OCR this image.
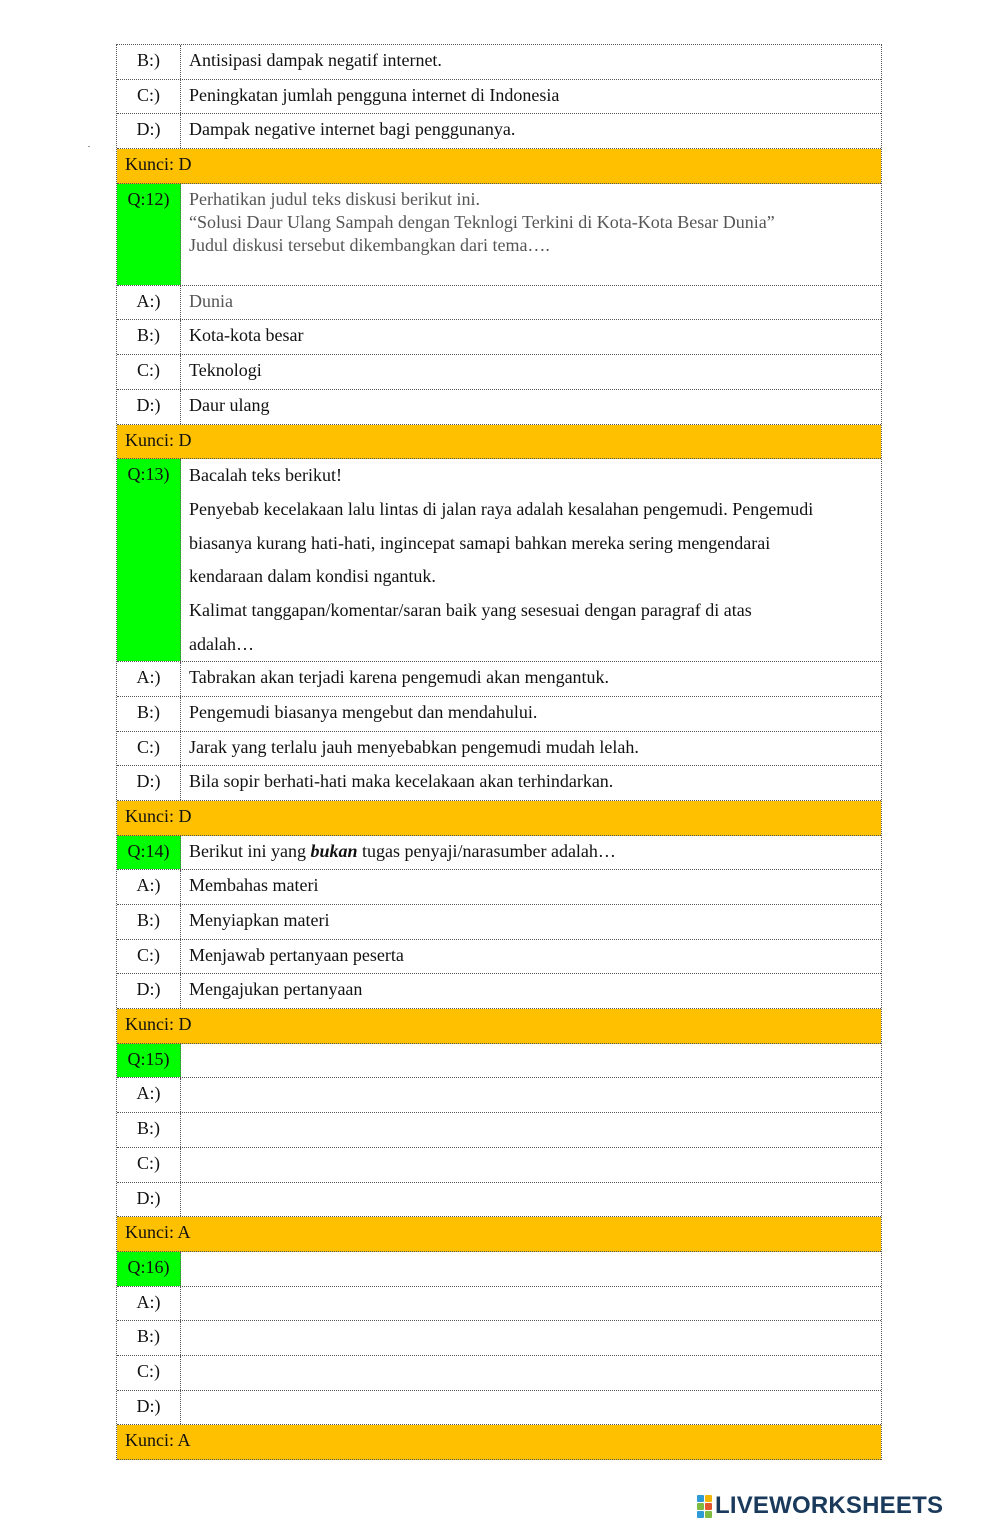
B:)	Antisipasi dampak negatif internet.
C:)	Peningkatan jumlah pengguna internet di Indonesia
D:)	Dampak negative internet bagi penggunanya.
Kunci: D
Q:12)	Perhatikan judul teks diskusi berikut ini.
“Solusi Daur Ulang Sampah dengan Teknlogi Terkini di Kota-Kota Besar Dunia”
Judul diskusi tersebut dikembangkan dari tema….
A:)	Dunia
B:)	Kota-kota besar
C:)	Teknologi
D:)	Daur ulang
Kunci: D
Q:13)	Bacalah teks berikut!
Penyebab kecelakaan lalu lintas di jalan raya adalah kesalahan pengemudi. Pengemudi
biasanya kurang hati-hati, ingincepat samapi bahkan mereka sering mengendarai
kendaraan dalam kondisi ngantuk.
Kalimat tanggapan/komentar/saran baik yang sesesuai dengan paragraf di atas
adalah…
A:)	Tabrakan akan terjadi karena pengemudi akan mengantuk.
B:)	Pengemudi biasanya mengebut dan mendahului.
C:)	Jarak yang terlalu jauh menyebabkan pengemudi mudah lelah.
D:)	Bila sopir berhati-hati maka kecelakaan akan terhindarkan.
Kunci: D
Q:14)	Berikut ini yang bukan tugas penyaji/narasumber adalah…
A:)	Membahas materi
B:)	Menyiapkan materi
C:)	Menjawab pertanyaan peserta
D:)	Mengajukan pertanyaan
Kunci: D
Q:15)
A:)
B:)
C:)
D:)
Kunci: A
Q:16)
A:)
B:)
C:)
D:)
Kunci: A
LIVEWORKSHEETS
